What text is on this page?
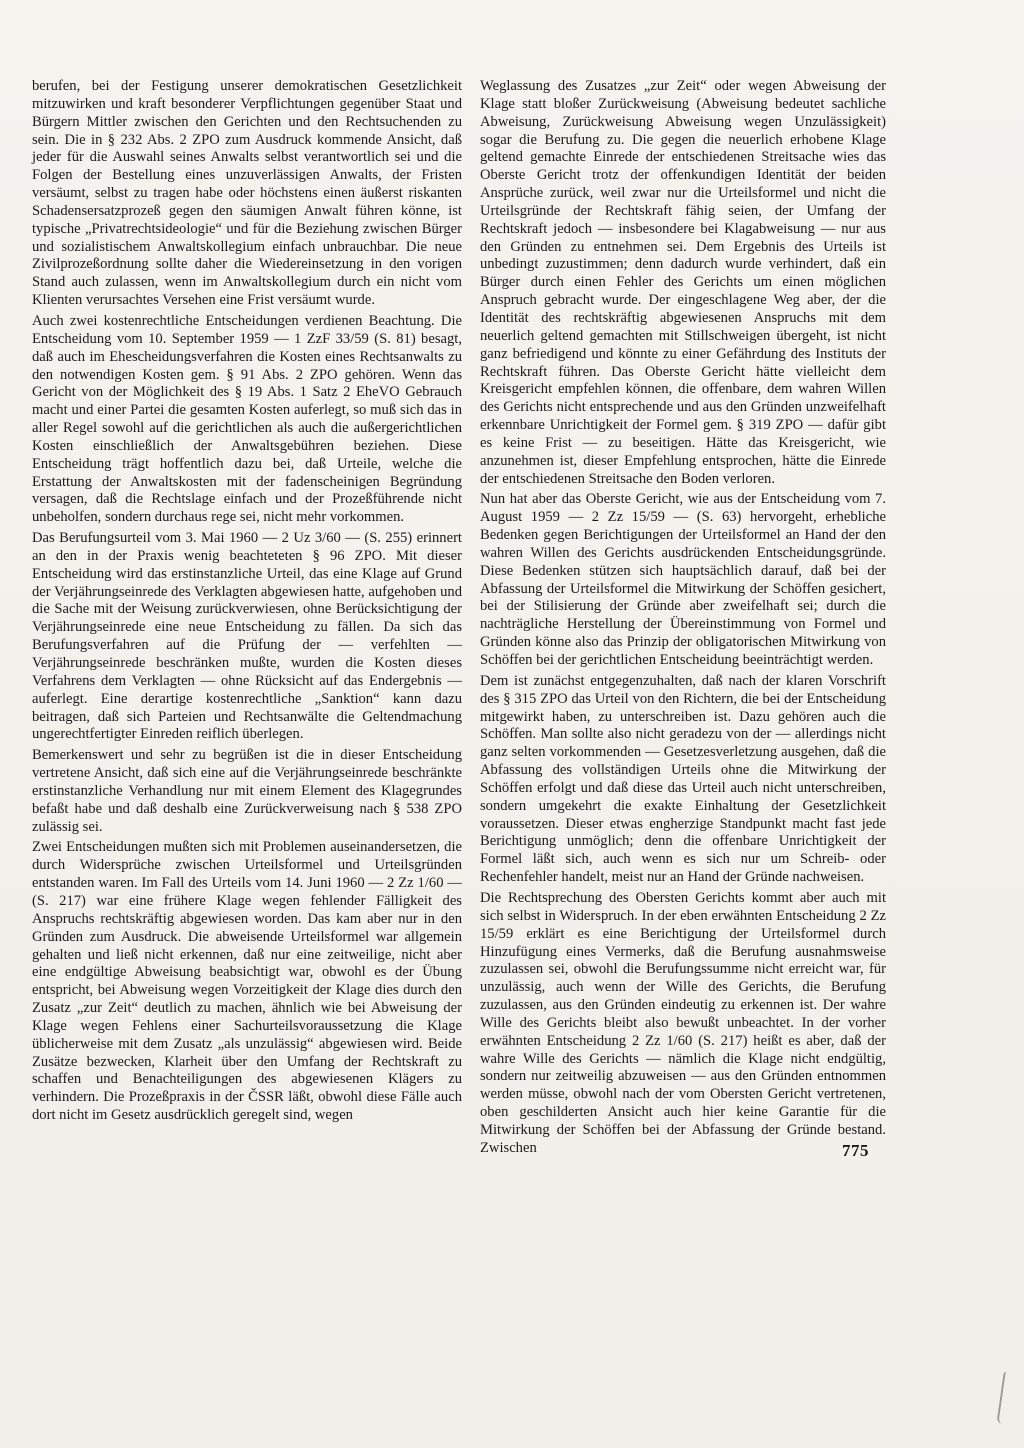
berufen, bei der Festigung unserer demokratischen Gesetzlichkeit mitzuwirken und kraft besonderer Verpflichtungen gegenüber Staat und Bürgern Mittler zwischen den Gerichten und den Rechtsuchenden zu sein. Die in § 232 Abs. 2 ZPO zum Ausdruck kommende Ansicht, daß jeder für die Auswahl seines Anwalts selbst verantwortlich sei und die Folgen der Bestellung eines unzuverlässigen Anwalts, der Fristen versäumt, selbst zu tragen habe oder höchstens einen äußerst riskanten Schadensersatzprozeß gegen den säumigen Anwalt führen könne, ist typische „Privatrechtsideologie“ und für die Beziehung zwischen Bürger und sozialistischem Anwaltskollegium einfach unbrauchbar. Die neue Zivilprozeßordnung sollte daher die Wiedereinsetzung in den vorigen Stand auch zulassen, wenn im Anwaltskollegium durch ein nicht vom Klienten verursachtes Versehen eine Frist versäumt wurde.

Auch zwei kostenrechtliche Entscheidungen verdienen Beachtung. Die Entscheidung vom 10. September 1959 — 1 ZzF 33/59 (S. 81) besagt, daß auch im Ehescheidungsverfahren die Kosten eines Rechtsanwalts zu den notwendigen Kosten gem. § 91 Abs. 2 ZPO gehören. Wenn das Gericht von der Möglichkeit des § 19 Abs. 1 Satz 2 EheVO Gebrauch macht und einer Partei die gesamten Kosten auferlegt, so muß sich das in aller Regel sowohl auf die gerichtlichen als auch die außergerichtlichen Kosten einschließlich der Anwaltsgebühren beziehen. Diese Entscheidung trägt hoffentlich dazu bei, daß Urteile, welche die Erstattung der Anwaltskosten mit der fadenscheinigen Begründung versagen, daß die Rechtslage einfach und der Prozeßführende nicht unbeholfen, sondern durchaus rege sei, nicht mehr vorkommen.

Das Berufungsurteil vom 3. Mai 1960 — 2 Uz 3/60 — (S. 255) erinnert an den in der Praxis wenig beachteteten § 96 ZPO. Mit dieser Entscheidung wird das erstinstanzliche Urteil, das eine Klage auf Grund der Verjährungseinrede des Verklagten abgewiesen hatte, aufgehoben und die Sache mit der Weisung zurückverwiesen, ohne Berücksichtigung der Verjährungseinrede eine neue Entscheidung zu fällen. Da sich das Berufungsverfahren auf die Prüfung der — verfehlten — Verjährungseinrede beschränken mußte, wurden die Kosten dieses Verfahrens dem Verklagten — ohne Rücksicht auf das Endergebnis — auferlegt. Eine derartige kostenrechtliche „Sanktion“ kann dazu beitragen, daß sich Parteien und Rechtsanwälte die Geltendmachung ungerechtfertigter Einreden reiflich überlegen.

Bemerkenswert und sehr zu begrüßen ist die in dieser Entscheidung vertretene Ansicht, daß sich eine auf die Verjährungseinrede beschränkte erstinstanzliche Verhandlung nur mit einem Element des Klagegrundes befaßt habe und daß deshalb eine Zurückverweisung nach § 538 ZPO zulässig sei.

Zwei Entscheidungen mußten sich mit Problemen auseinandersetzen, die durch Widersprüche zwischen Urteilsformel und Urteilsgründen entstanden waren. Im Fall des Urteils vom 14. Juni 1960 — 2 Zz 1/60 — (S. 217) war eine frühere Klage wegen fehlender Fälligkeit des Anspruchs rechtskräftig abgewiesen worden. Das kam aber nur in den Gründen zum Ausdruck. Die abweisende Urteilsformel war allgemein gehalten und ließ nicht erkennen, daß nur eine zeitweilige, nicht aber eine endgültige Abweisung beabsichtigt war, obwohl es der Übung entspricht, bei Abweisung wegen Vorzeitigkeit der Klage dies durch den Zusatz „zur Zeit“ deutlich zu machen, ähnlich wie bei Abweisung der Klage wegen Fehlens einer Sachurteilsvoraussetzung die Klage üblicherweise mit dem Zusatz „als unzulässig“ abgewiesen wird. Beide Zusätze bezwecken, Klarheit über den Umfang der Rechtskraft zu schaffen und Benachteiligungen des abgewiesenen Klägers zu verhindern. Die Prozeßpraxis in der ČSSR läßt, obwohl diese Fälle auch dort nicht im Gesetz ausdrücklich geregelt sind, wegen

Weglassung des Zusatzes „zur Zeit“ oder wegen Abweisung der Klage statt bloßer Zurückweisung (Abweisung bedeutet sachliche Abweisung, Zurückweisung Abweisung wegen Unzulässigkeit) sogar die Berufung zu. Die gegen die neuerlich erhobene Klage geltend gemachte Einrede der entschiedenen Streitsache wies das Oberste Gericht trotz der offenkundigen Identität der beiden Ansprüche zurück, weil zwar nur die Urteilsformel und nicht die Urteilsgründe der Rechtskraft fähig seien, der Umfang der Rechtskraft jedoch — insbesondere bei Klagabweisung — nur aus den Gründen zu entnehmen sei. Dem Ergebnis des Urteils ist unbedingt zuzustimmen; denn dadurch wurde verhindert, daß ein Bürger durch einen Fehler des Gerichts um einen möglichen Anspruch gebracht wurde. Der eingeschlagene Weg aber, der die Identität des rechtskräftig abgewiesenen Anspruchs mit dem neuerlich geltend gemachten mit Stillschweigen übergeht, ist nicht ganz befriedigend und könnte zu einer Gefährdung des Instituts der Rechtskraft führen. Das Oberste Gericht hätte vielleicht dem Kreisgericht empfehlen können, die offenbare, dem wahren Willen des Gerichts nicht entsprechende und aus den Gründen unzweifelhaft erkennbare Unrichtigkeit der Formel gem. § 319 ZPO — dafür gibt es keine Frist — zu beseitigen. Hätte das Kreisgericht, wie anzunehmen ist, dieser Empfehlung entsprochen, hätte die Einrede der entschiedenen Streitsache den Boden verloren.

Nun hat aber das Oberste Gericht, wie aus der Entscheidung vom 7. August 1959 — 2 Zz 15/59 — (S. 63) hervorgeht, erhebliche Bedenken gegen Berichtigungen der Urteilsformel an Hand der den wahren Willen des Gerichts ausdrückenden Entscheidungsgründe. Diese Bedenken stützen sich hauptsächlich darauf, daß bei der Abfassung der Urteilsformel die Mitwirkung der Schöffen gesichert, bei der Stilisierung der Gründe aber zweifelhaft sei; durch die nachträgliche Herstellung der Übereinstimmung von Formel und Gründen könne also das Prinzip der obligatorischen Mitwirkung von Schöffen bei der gerichtlichen Entscheidung beeinträchtigt werden.

Dem ist zunächst entgegenzuhalten, daß nach der klaren Vorschrift des § 315 ZPO das Urteil von den Richtern, die bei der Entscheidung mitgewirkt haben, zu unterschreiben ist. Dazu gehören auch die Schöffen. Man sollte also nicht geradezu von der — allerdings nicht ganz selten vorkommenden — Gesetzesverletzung ausgehen, daß die Abfassung des vollständigen Urteils ohne die Mitwirkung der Schöffen erfolgt und daß diese das Urteil auch nicht unterschreiben, sondern umgekehrt die exakte Einhaltung der Gesetzlichkeit voraussetzen. Dieser etwas engherzige Standpunkt macht fast jede Berichtigung unmöglich; denn die offenbare Unrichtigkeit der Formel läßt sich, auch wenn es sich nur um Schreib- oder Rechenfehler handelt, meist nur an Hand der Gründe nachweisen.

Die Rechtsprechung des Obersten Gerichts kommt aber auch mit sich selbst in Widerspruch. In der eben erwähnten Entscheidung 2 Zz 15/59 erklärt es eine Berichtigung der Urteilsformel durch Hinzufügung eines Vermerks, daß die Berufung ausnahmsweise zuzulassen sei, obwohl die Berufungssumme nicht erreicht war, für unzulässig, auch wenn der Wille des Gerichts, die Berufung zuzulassen, aus den Gründen eindeutig zu erkennen ist. Der wahre Wille des Gerichts bleibt also bewußt unbeachtet. In der vorher erwähnten Entscheidung 2 Zz 1/60 (S. 217) heißt es aber, daß der wahre Wille des Gerichts — nämlich die Klage nicht endgültig, sondern nur zeitweilig abzuweisen — aus den Gründen entnommen werden müsse, obwohl nach der vom Obersten Gericht vertretenen, oben geschilderten Ansicht auch hier keine Garantie für die Mitwirkung der Schöffen bei der Abfassung der Gründe bestand. Zwischen	775
